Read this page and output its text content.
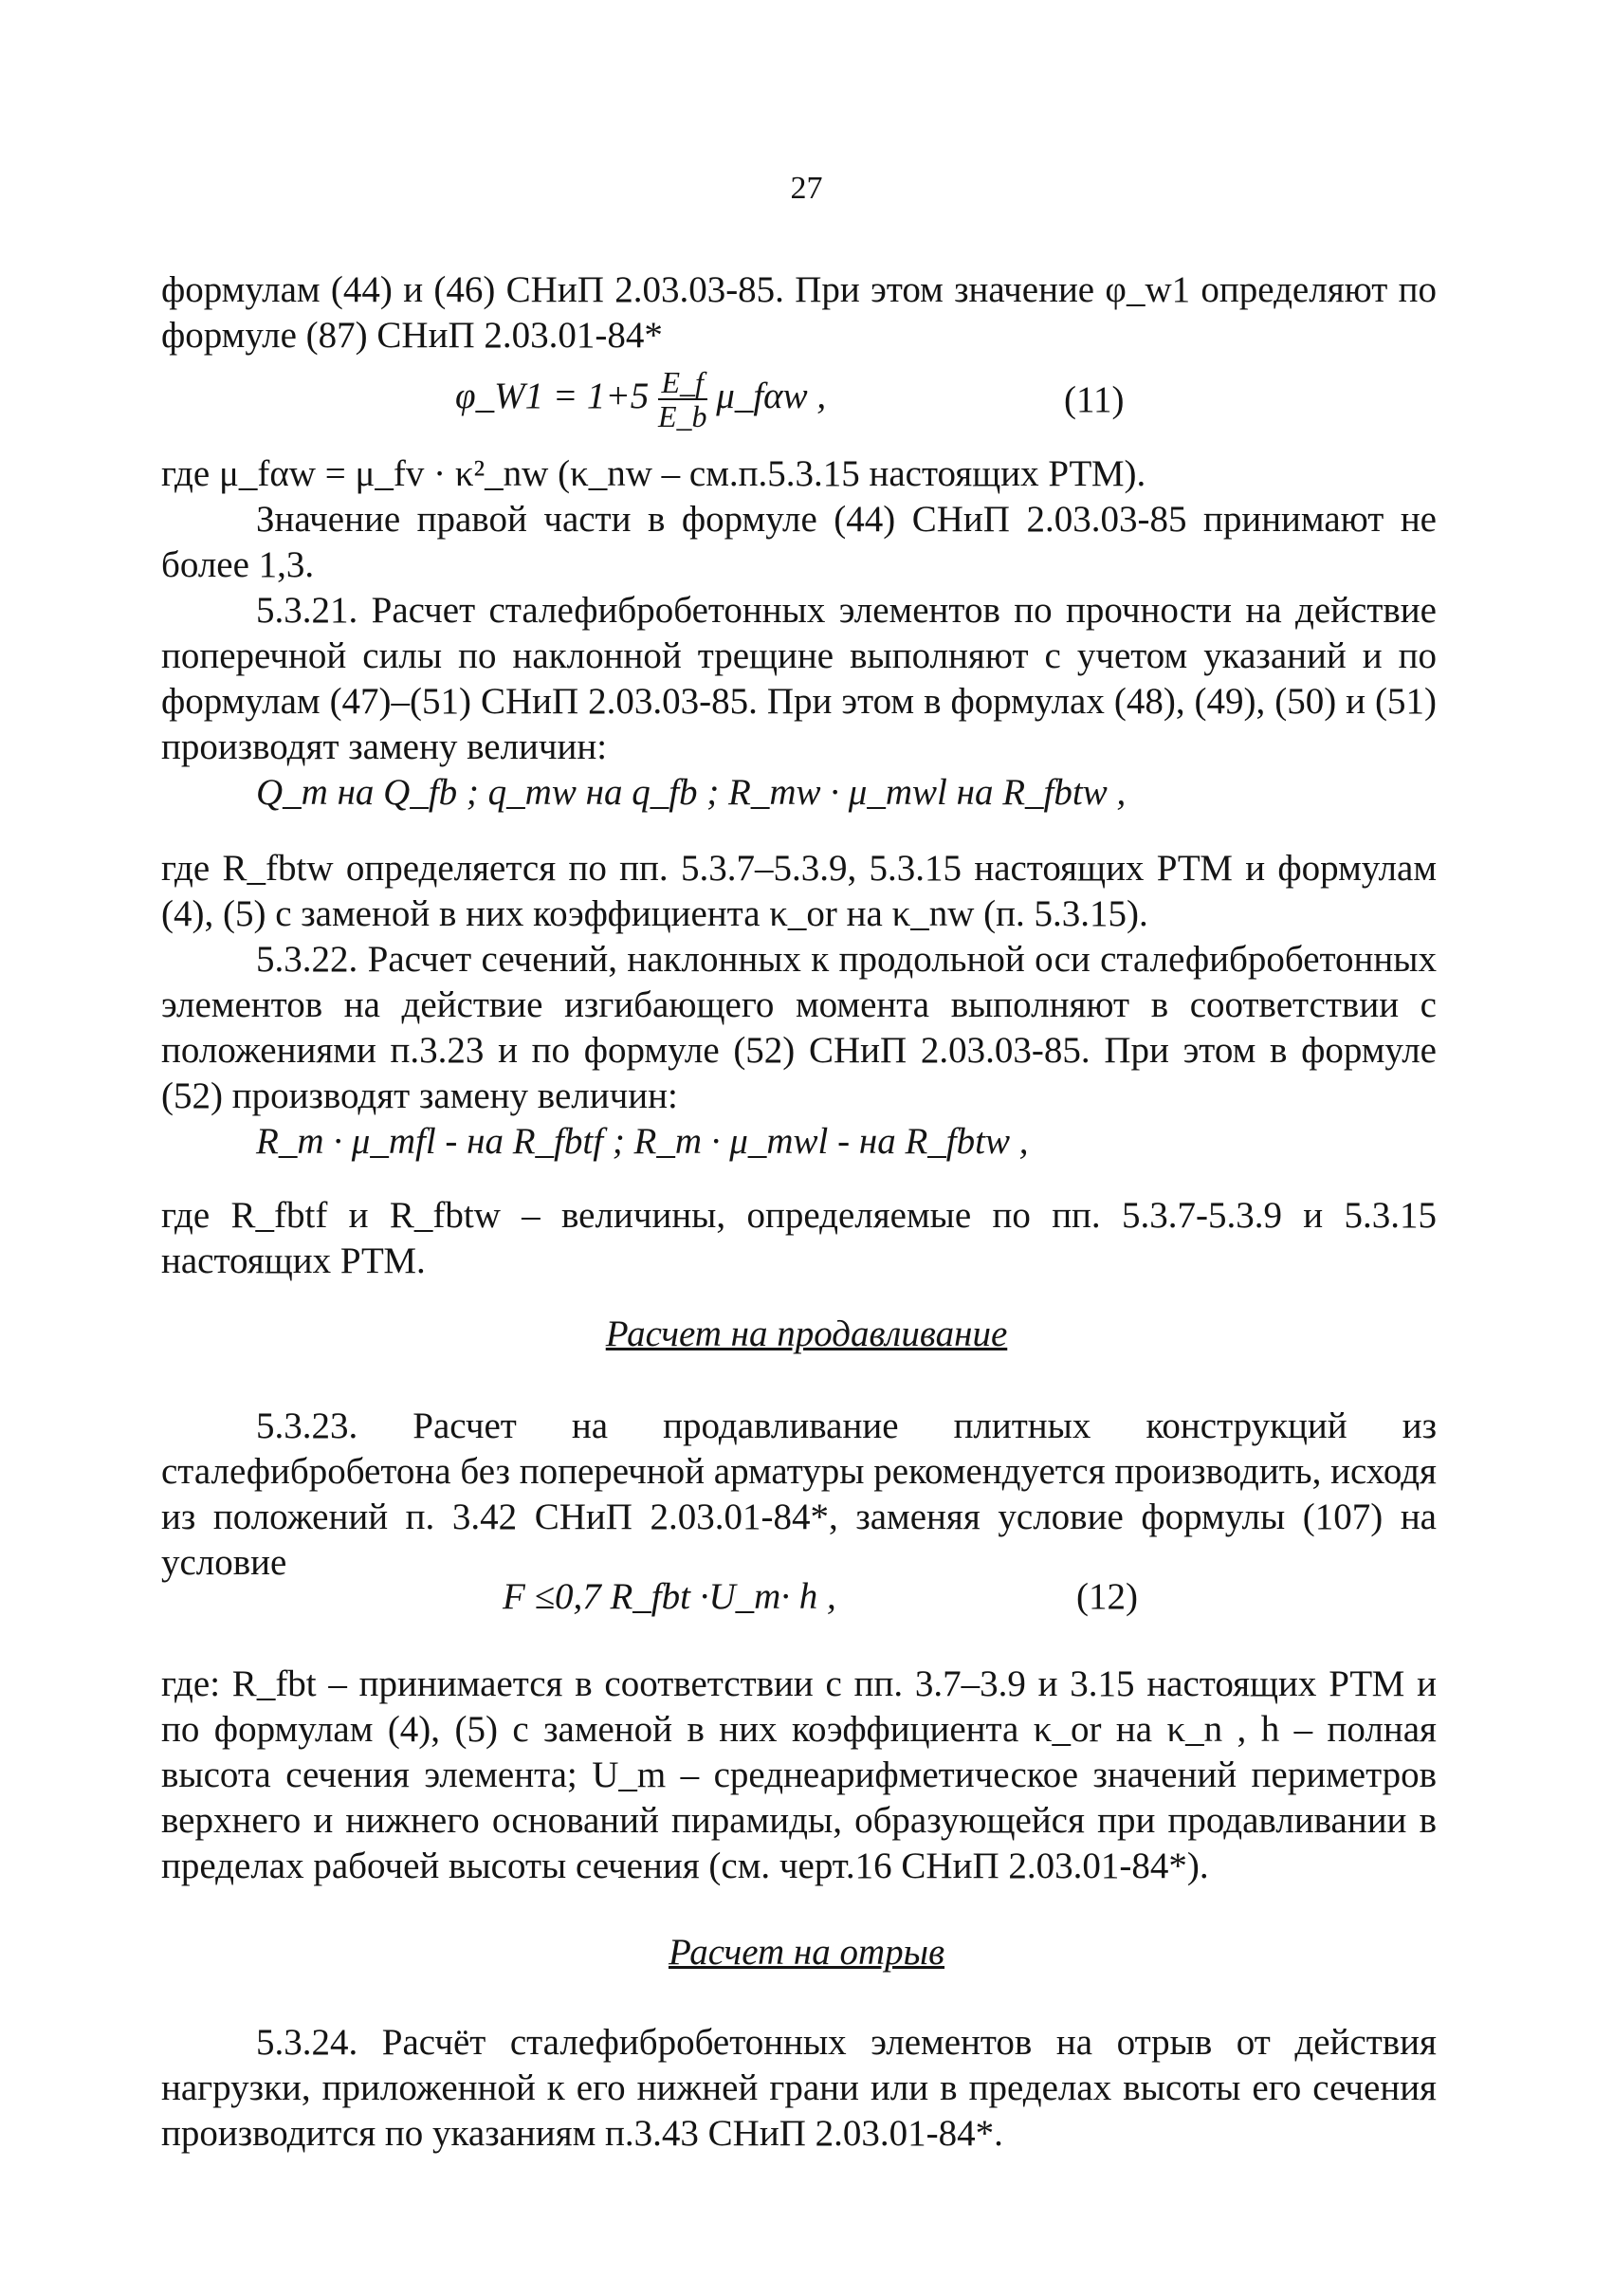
27

формулам (44) и (46) СНиП 2.03.03-85. При этом значение φ_w1 определяют по формуле (87) СНиП 2.03.01-84*

φ_W1 = $1+5 \frac{E\_f}{E\_b}$ μ_fαw ,	(11)

где μ_fαw = μ_fv · κ²_nw (κ_nw – см.п.5.3.15 настоящих РТМ).

Значение правой части в формуле (44) СНиП 2.03.03-85 принимают не более 1,3.

5.3.21. Расчет сталефибробетонных элементов по прочности на действие поперечной силы по наклонной трещине выполняют с учетом указаний и по формулам (47)–(51) СНиП 2.03.03-85. При этом в формулах (48), (49), (50) и (51) производят замену величин:

Q_m на Q_fb ; q_mw на q_fb ; R_mw · μ_mwl на R_fbtw ,

где R_fbtw определяется по пп. 5.3.7–5.3.9, 5.3.15 настоящих РТМ и формулам (4), (5) с заменой в них коэффициента κ_or на κ_nw (п. 5.3.15).

5.3.22. Расчет сечений, наклонных к продольной оси сталефибробетонных элементов на действие изгибающего момента выполняют в соответствии с положениями п.3.23 и по формуле (52) СНиП 2.03.03-85. При этом в формуле (52) производят замену величин:

R_m · μ_mfl - на R_fbtf ; R_m · μ_mwl - на R_fbtw ,

где R_fbtf и R_fbtw – величины, определяемые по пп. 5.3.7-5.3.9 и 5.3.15 настоящих РТМ.

Расчет на продавливание

5.3.23. Расчет на продавливание плитных конструкций из сталефибробетона без поперечной арматуры рекомендуется производить, исходя из положений п. 3.42 СНиП 2.03.01-84*, заменяя условие формулы (107) на условие

F ≤0,7 R_fbt ·U_m· h ,	(12)

где: R_fbt – принимается в соответствии с пп. 3.7–3.9 и 3.15 настоящих РТМ и по формулам (4), (5) с заменой в них коэффициента κ_or на κ_n , h – полная высота сечения элемента; U_m – среднеарифметическое значений периметров верхнего и нижнего оснований пирамиды, образующейся при продавливании в пределах рабочей высоты сечения (см. черт.16 СНиП 2.03.01-84*).

Расчет на отрыв

5.3.24. Расчёт сталефибробетонных элементов на отрыв от действия нагрузки, приложенной к его нижней грани или в пределах высоты его сечения производится по указаниям п.3.43 СНиП 2.03.01-84*.
